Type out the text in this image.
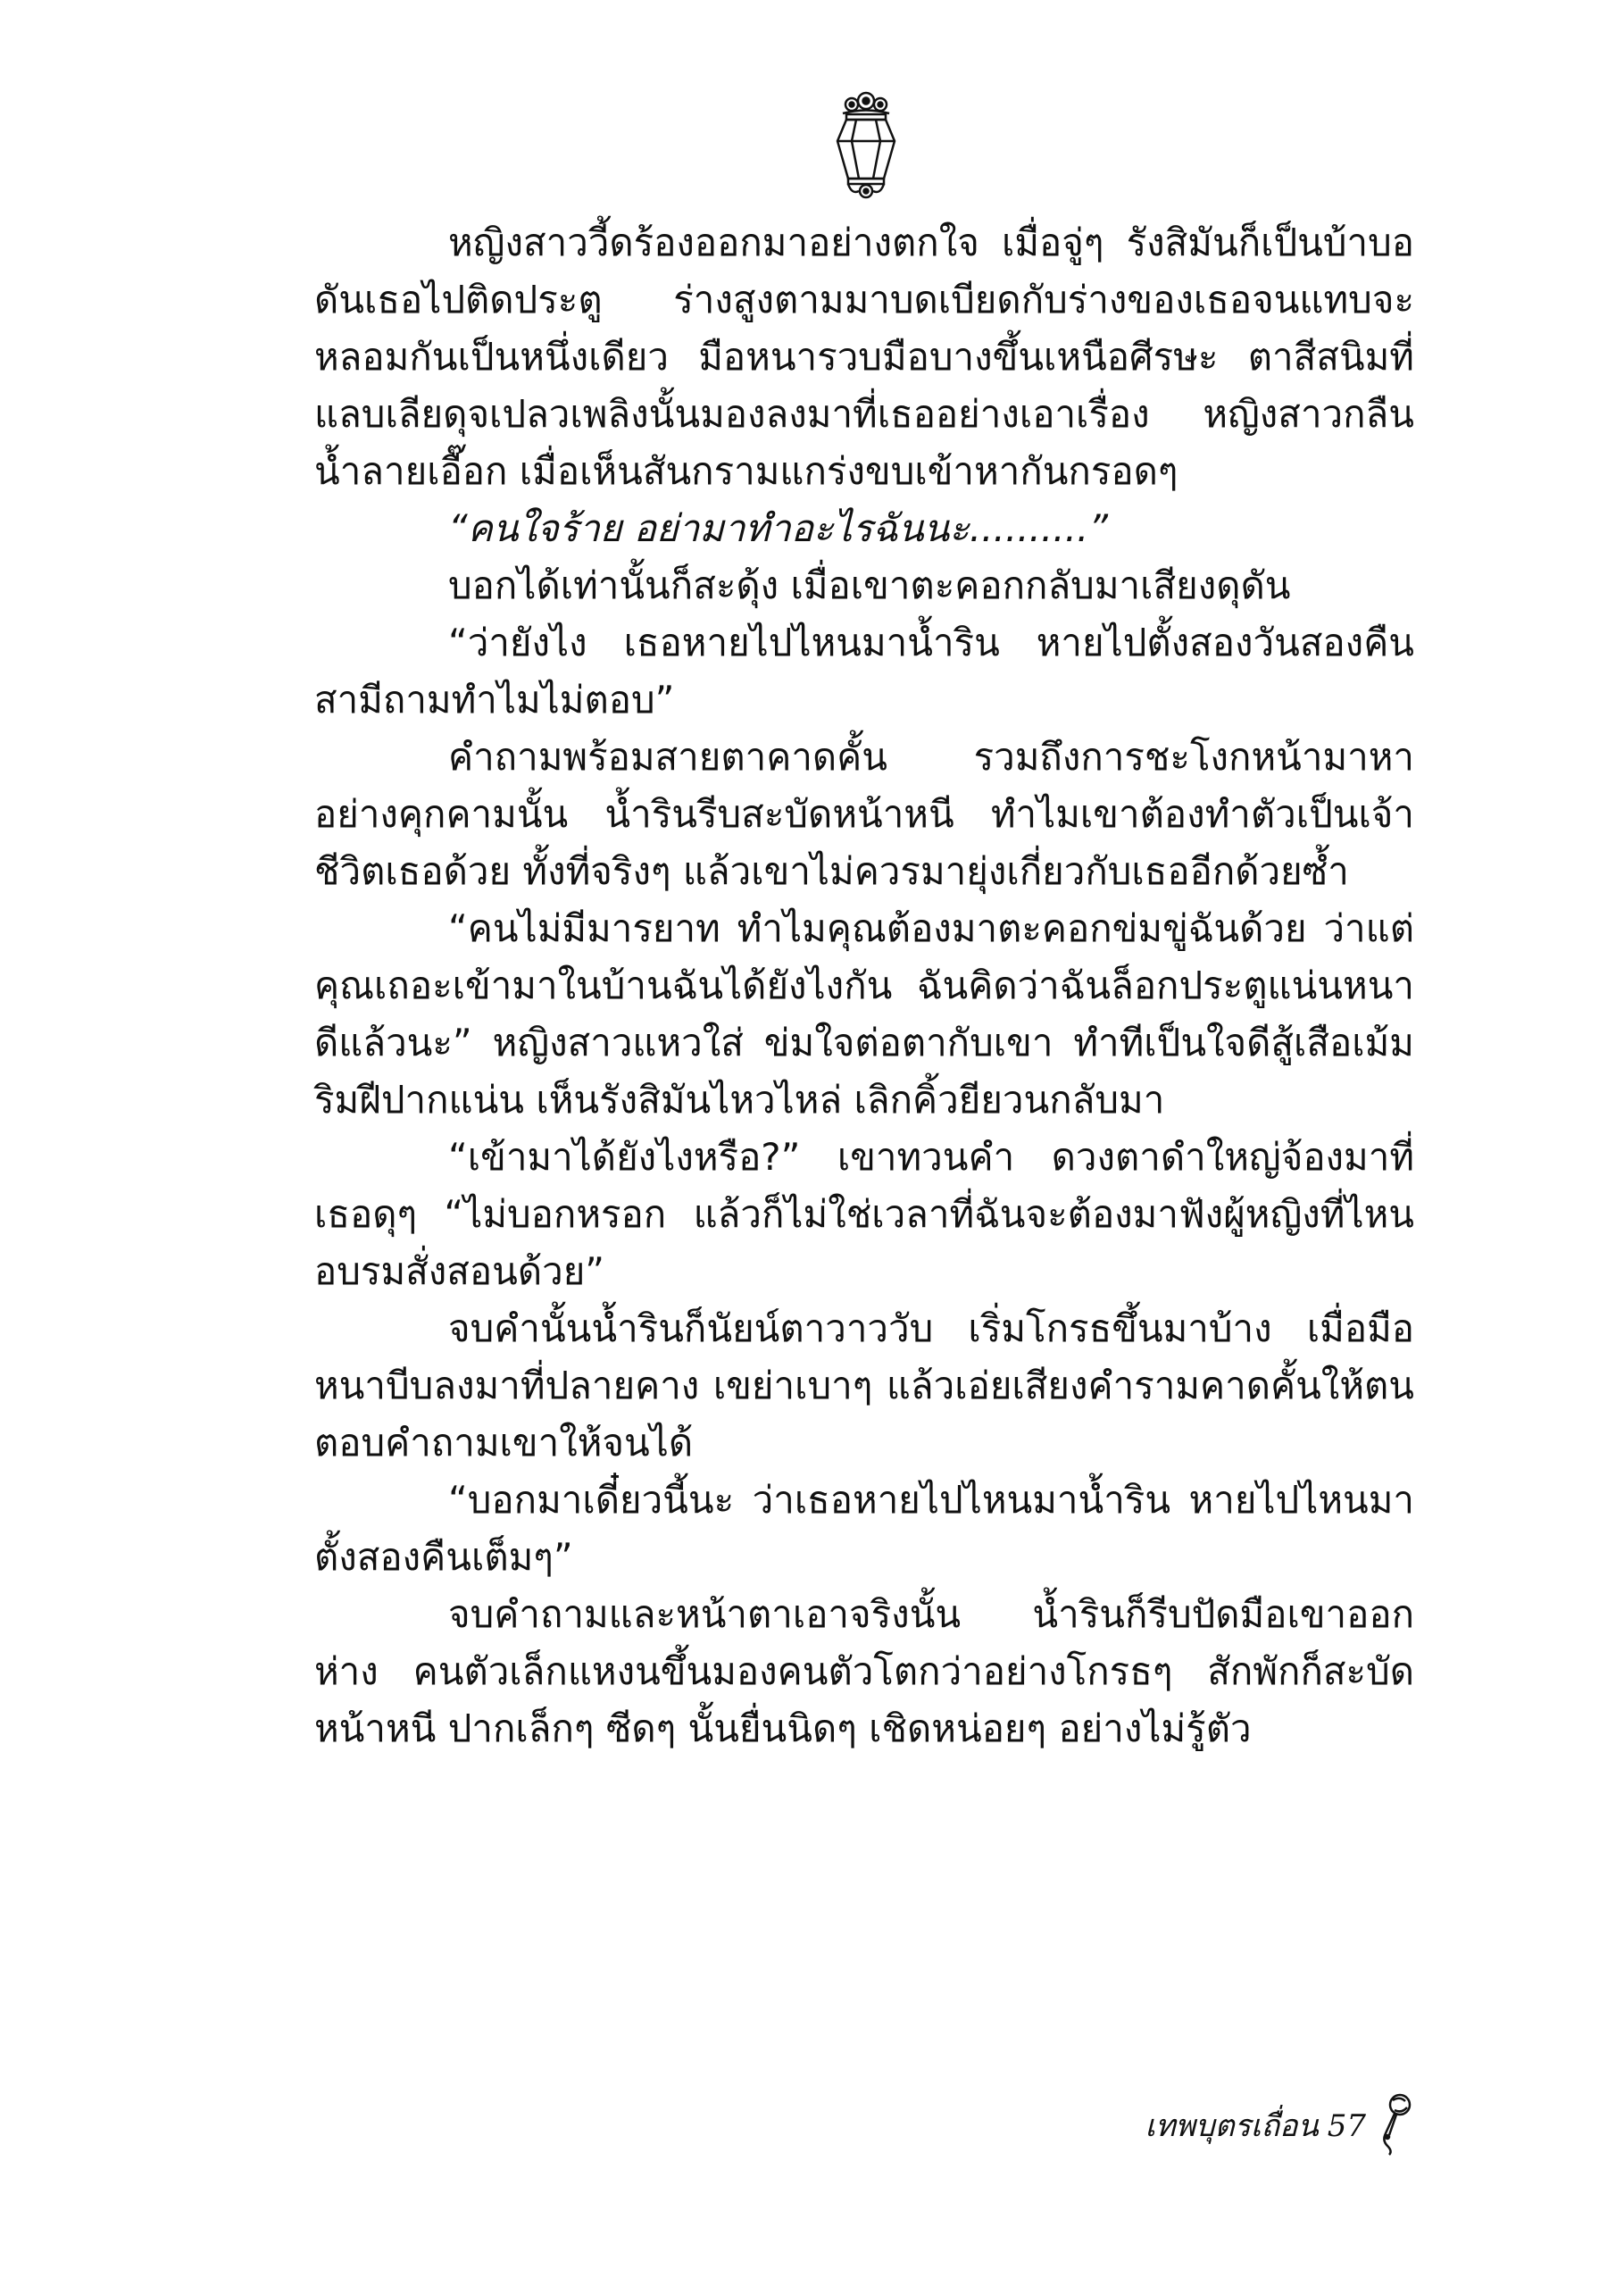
หญิงสาววี้ดร้องออกมาอย่างตกใจ เมื่อจู่ๆ รังสิมันก็เป็นบ้าบอดันเธอไปติดประตู ร่างสูงตามมาบดเบียดกับร่างของเธอจนแทบจะหลอมกันเป็นหนึ่งเดียว มือหนารวบมือบางขึ้นเหนือศีรษะ ตาสีสนิมที่แลบเลียดุจเปลวเพลิงนั้นมองลงมาที่เธออย่างเอาเรื่อง หญิงสาวกลืนน้ำลายเอื๊อก เมื่อเห็นสันกรามแกร่งขบเข้าหากันกรอดๆ

“คนใจร้าย อย่ามาทำอะไรฉันนะ..........”

บอกได้เท่านั้นก็สะดุ้ง เมื่อเขาตะคอกกลับมาเสียงดุดัน

“ว่ายังไง เธอหายไปไหนมาน้ำริน หายไปตั้งสองวันสองคืนสามีถามทำไมไม่ตอบ”

คำถามพร้อมสายตาคาดคั้น รวมถึงการชะโงกหน้ามาหาอย่างคุกคามนั้น น้ำรินรีบสะบัดหน้าหนี ทำไมเขาต้องทำตัวเป็นเจ้าชีวิตเธอด้วย ทั้งที่จริงๆ แล้วเขาไม่ควรมายุ่งเกี่ยวกับเธออีกด้วยซ้ำ

“คนไม่มีมารยาท ทำไมคุณต้องมาตะคอกข่มขู่ฉันด้วย ว่าแต่คุณเถอะเข้ามาในบ้านฉันได้ยังไงกัน ฉันคิดว่าฉันล็อกประตูแน่นหนาดีแล้วนะ” หญิงสาวแหวใส่ ข่มใจต่อตากับเขา ทำทีเป็นใจดีสู้เสือเม้มริมฝีปากแน่น เห็นรังสิมันไหวไหล่ เลิกคิ้วยียวนกลับมา

“เข้ามาได้ยังไงหรือ?” เขาทวนคำ ดวงตาดำใหญ่จ้องมาที่เธอดุๆ “ไม่บอกหรอก แล้วก็ไม่ใช่เวลาที่ฉันจะต้องมาฟังผู้หญิงที่ไหนอบรมสั่งสอนด้วย”

จบคำนั้นน้ำรินก็นัยน์ตาวาววับ เริ่มโกรธขึ้นมาบ้าง เมื่อมือหนาบีบลงมาที่ปลายคาง เขย่าเบาๆ แล้วเอ่ยเสียงคำรามคาดคั้นให้ตนตอบคำถามเขาให้จนได้

“บอกมาเดี๋ยวนี้นะ ว่าเธอหายไปไหนมาน้ำริน หายไปไหนมาตั้งสองคืนเต็มๆ”

จบคำถามและหน้าตาเอาจริงนั้น น้ำรินก็รีบปัดมือเขาออกห่าง คนตัวเล็กแหงนขึ้นมองคนตัวโตกว่าอย่างโกรธๆ สักพักก็สะบัดหน้าหนี ปากเล็กๆ ซีดๆ นั้นยื่นนิดๆ เชิดหน่อยๆ อย่างไม่รู้ตัว

เทพบุตรเถื่อน 57
